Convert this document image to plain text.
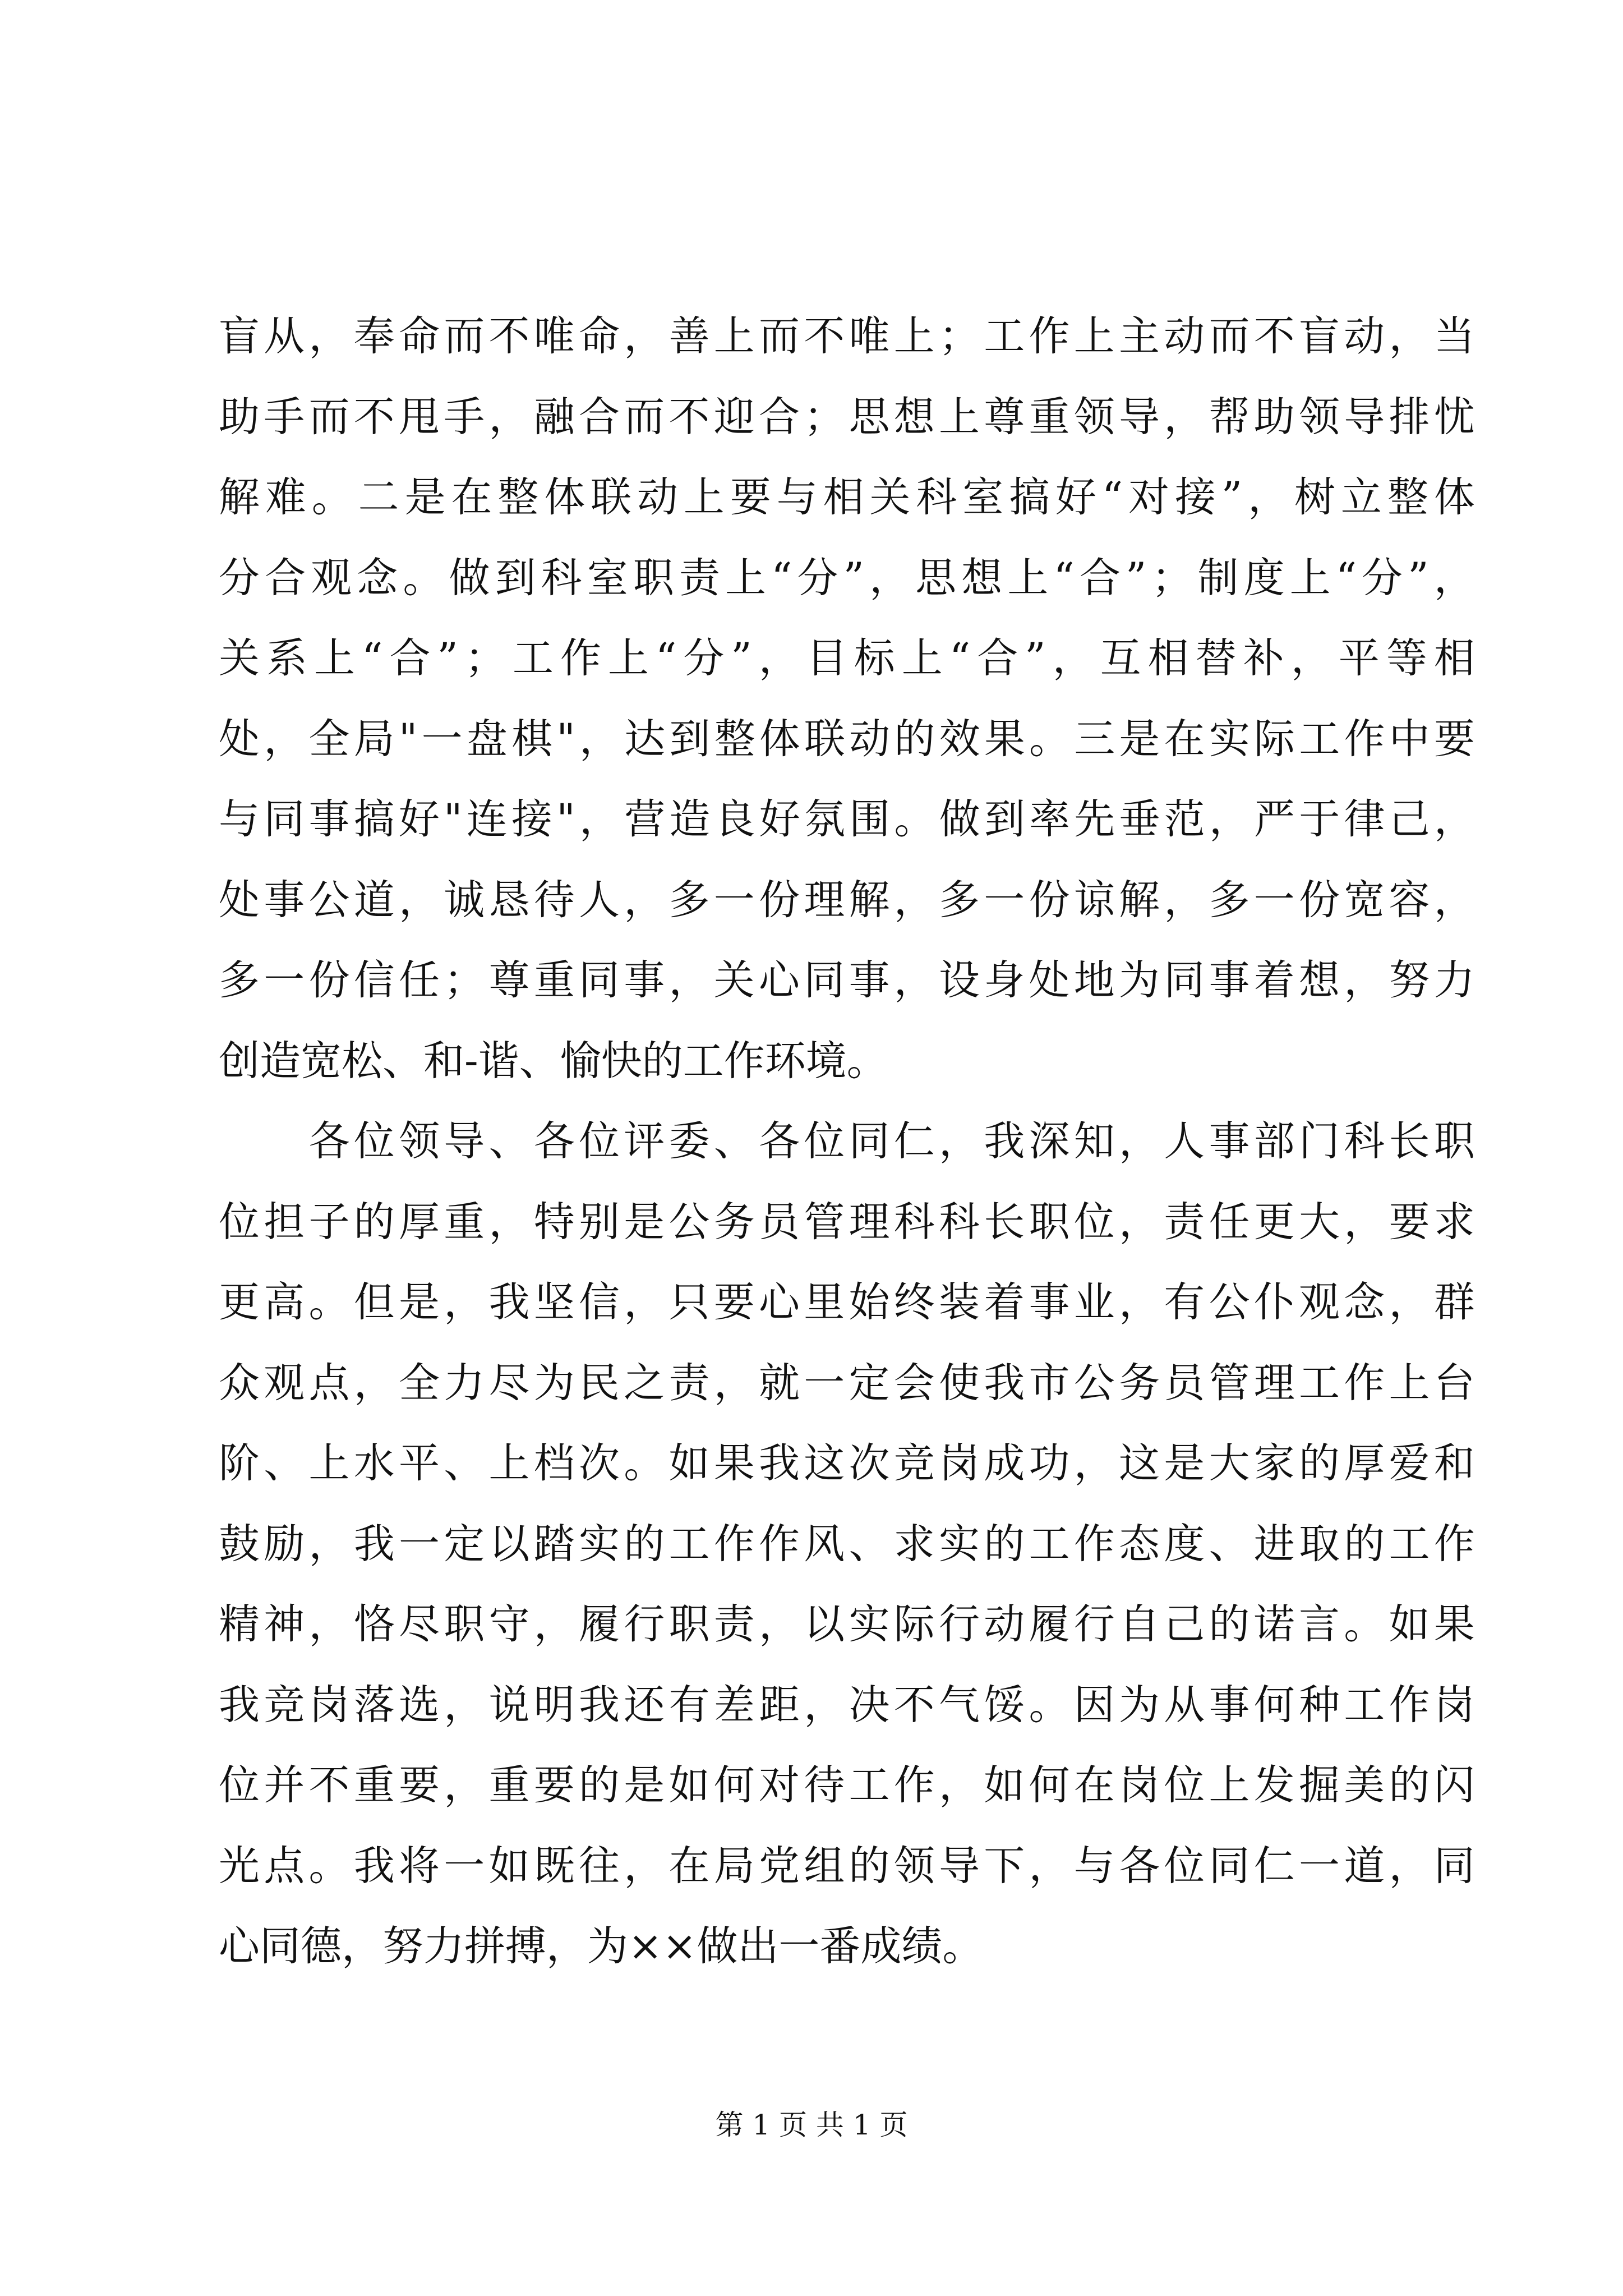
盲 从 ， 奉 命 而 不 唯 命 ， 善 上 而 不 唯 上 ； 工 作 上 主 动 而 不 盲 动 ， 当
助 手 而 不 甩 手 ， 融 合 而 不 迎 合 ； 思 想 上 尊 重 领 导 ， 帮 助 领 导 排 忧
解 难 。 二 是 在 整 体 联 动 上 要 与 相 关 科 室 搞 好 “ 对 接 ” ， 树 立 整 体
分 合 观 念 。 做 到 科 室 职 责 上 “ 分 ” ， 思 想 上 “ 合 ” ； 制 度 上 “ 分 ” ，
关 系 上 “ 合 ” ； 工 作 上 “ 分 ” ， 目 标 上 “ 合 ” ， 互 相 替 补 ， 平 等 相
处 ， 全 局 " 一 盘 棋 " ， 达 到 整 体 联 动 的 效 果 。 三 是 在 实 际 工 作 中 要
与 同 事 搞 好 " 连 接 " ， 营 造 良 好 氛 围 。 做 到 率 先 垂 范 ， 严 于 律 己 ，
处 事 公 道 ， 诚 恳 待 人 ， 多 一 份 理 解 ， 多 一 份 谅 解 ， 多 一 份 宽 容 ，
多 一 份 信 任 ； 尊 重 同 事 ， 关 心 同 事 ， 设 身 处 地 为 同 事 着 想 ， 努 力
创造宽松、和-谐、愉快的工作环境。

各 位 领 导 、 各 位 评 委 、 各 位 同 仁 ， 我 深 知 ， 人 事 部 门 科 长 职
位 担 子 的 厚 重 ， 特 别 是 公 务 员 管 理 科 科 长 职 位 ， 责 任 更 大 ， 要 求
更 高 。 但 是 ， 我 坚 信 ， 只 要 心 里 始 终 装 着 事 业 ， 有 公 仆 观 念 ， 群
众 观 点 ， 全 力 尽 为 民 之 责 ， 就 一 定 会 使 我 市 公 务 员 管 理 工 作 上 台
阶 、 上 水 平 、 上 档 次 。 如 果 我 这 次 竞 岗 成 功 ， 这 是 大 家 的 厚 爱 和
鼓 励 ， 我 一 定 以 踏 实 的 工 作 作 风 、 求 实 的 工 作 态 度 、 进 取 的 工 作
精 神 ， 恪 尽 职 守 ， 履 行 职 责 ， 以 实 际 行 动 履 行 自 己 的 诺 言 。 如 果
我 竞 岗 落 选 ， 说 明 我 还 有 差 距 ， 决 不 气 馁 。 因 为 从 事 何 种 工 作 岗
位 并 不 重 要 ， 重 要 的 是 如 何 对 待 工 作 ， 如 何 在 岗 位 上 发 掘 美 的 闪
光 点 。 我 将 一 如 既 往 ， 在 局 党 组 的 领 导 下 ， 与 各 位 同 仁 一 道 ， 同
心同德，努力拼搏，为××做出一番成绩。
第 1 页 共 1 页
